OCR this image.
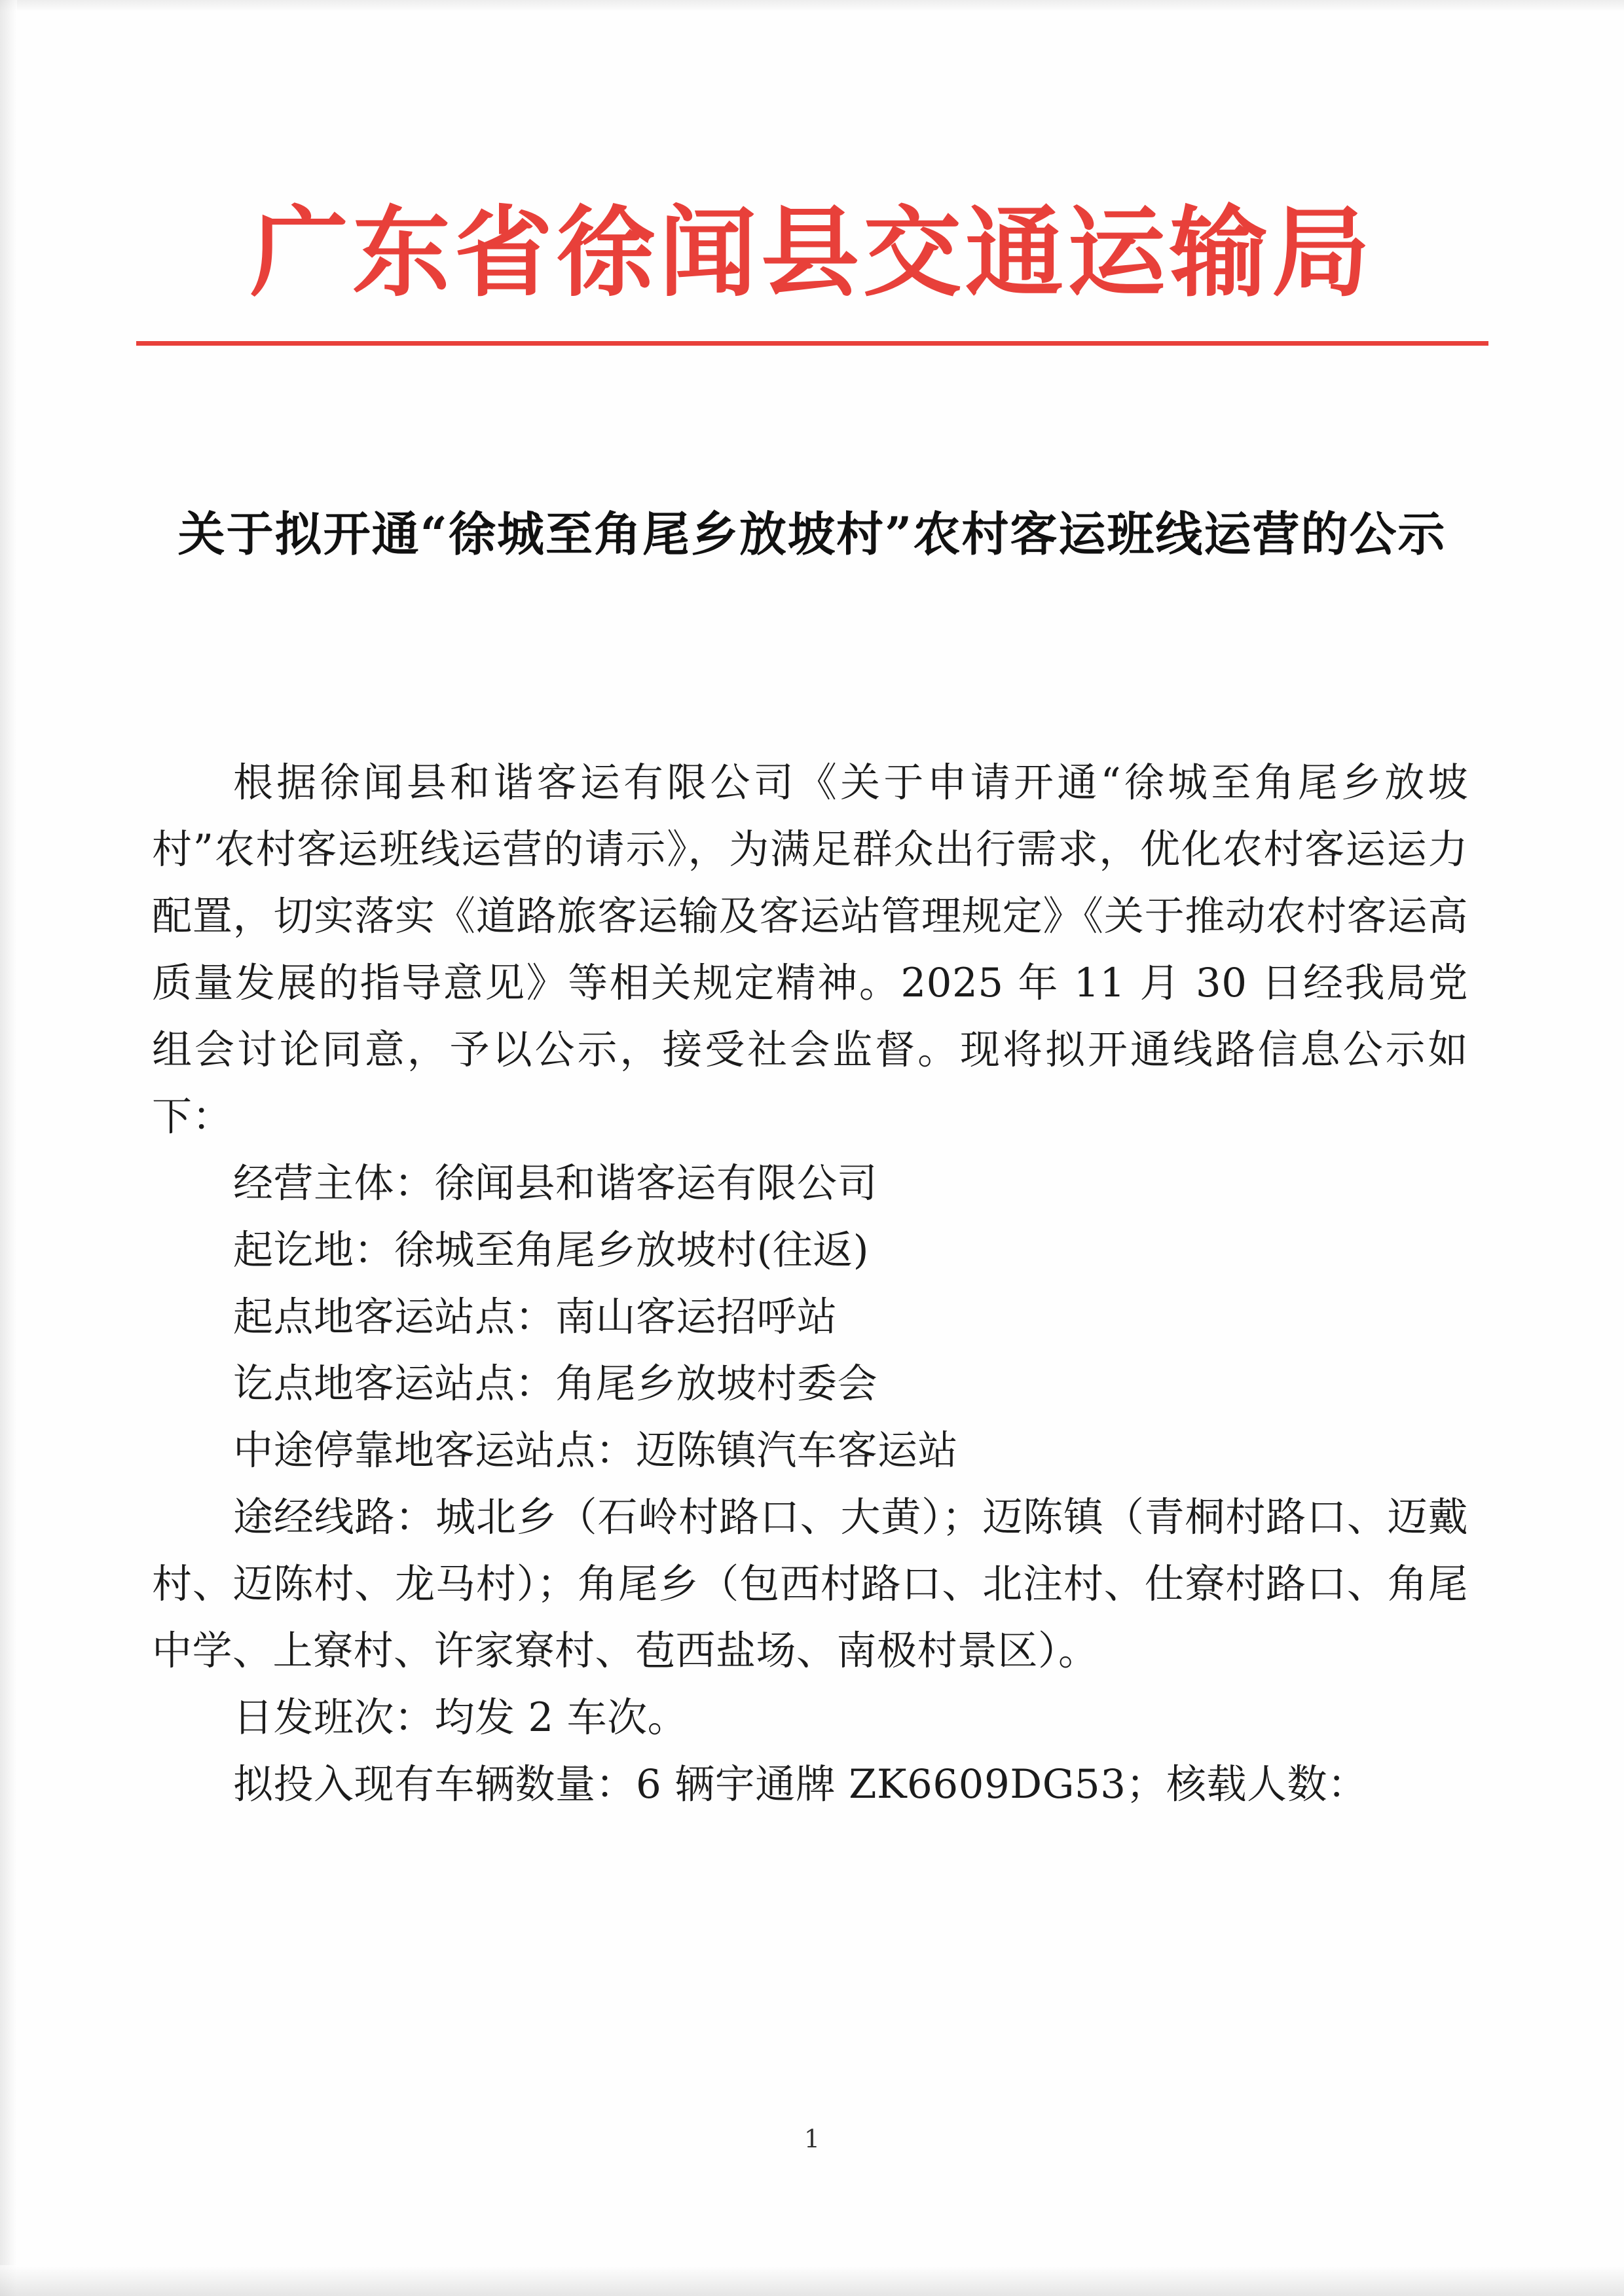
广东省徐闻县交通运输局
关于拟开通“徐城至角尾乡放坡村”农村客运班线运营的公示

根据徐闻县和谐客运有限公司《关于申请开通“徐城至角尾乡放坡村”农村客运班线运营的请示》，为满足群众出行需求，优化农村客运运力配置，切实落实《道路旅客运输及客运站管理规定》《关于推动农村客运高质量发展的指导意见》等相关规定精神。2025 年 11 月 30 日经我局党组会讨论同意，予以公示，接受社会监督。现将拟开通线路信息公示如下：

经营主体：徐闻县和谐客运有限公司

起讫地：徐城至角尾乡放坡村(往返)

起点地客运站点：南山客运招呼站

讫点地客运站点：角尾乡放坡村委会

中途停靠地客运站点：迈陈镇汽车客运站

途经线路：城北乡（石岭村路口、大黄）；迈陈镇（青桐村路口、迈戴村、迈陈村、龙马村）；角尾乡（包西村路口、北注村、仕寮村路口、角尾中学、上寮村、许家寮村、苞西盐场、南极村景区）。

日发班次：均发 2 车次。

拟投入现有车辆数量：6 辆宇通牌 ZK6609DG53；核载人数：

1
